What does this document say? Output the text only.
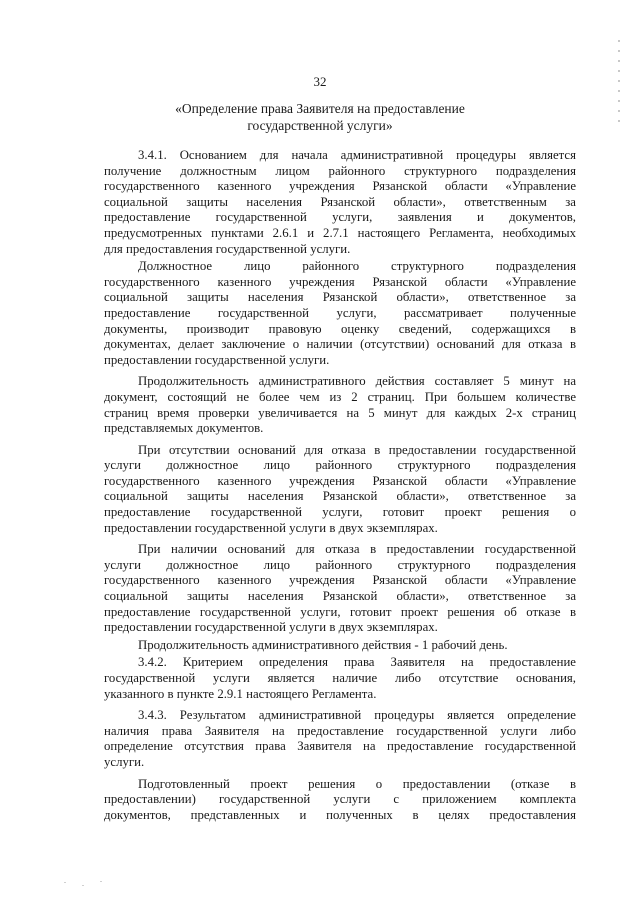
32
«Определение права Заявителя на предоставление
государственной услуги»
3.4.1. Основанием для начала административной процедуры является
получение должностным лицом районного структурного подразделения
государственного казенного учреждения Рязанской области «Управление
социальной защиты населения Рязанской области», ответственным за
предоставление государственной услуги, заявления и документов,
предусмотренных пунктами 2.6.1 и 2.7.1 настоящего Регламента, необходимых
для предоставления государственной услуги.
Должностное лицо районного структурного подразделения
государственного казенного учреждения Рязанской области «Управление
социальной защиты населения Рязанской области», ответственное за
предоставление государственной услуги, рассматривает полученные
документы, производит правовую оценку сведений, содержащихся в
документах, делает заключение о наличии (отсутствии) оснований для отказа в
предоставлении государственной услуги.
Продолжительность административного действия составляет 5 минут на
документ, состоящий не более чем из 2 страниц. При большем количестве
страниц время проверки увеличивается на 5 минут для каждых 2-х страниц
представляемых документов.
При отсутствии оснований для отказа в предоставлении государственной
услуги должностное лицо районного структурного подразделения
государственного казенного учреждения Рязанской области «Управление
социальной защиты населения Рязанской области», ответственное за
предоставление государственной услуги, готовит проект решения о
предоставлении государственной услуги в двух экземплярах.
При наличии оснований для отказа в предоставлении государственной
услуги должностное лицо районного структурного подразделения
государственного казенного учреждения Рязанской области «Управление
социальной защиты населения Рязанской области», ответственное за
предоставление государственной услуги, готовит проект решения об отказе в
предоставлении государственной услуги в двух экземплярах.
Продолжительность административного действия - 1 рабочий день.
3.4.2. Критерием определения права Заявителя на предоставление
государственной услуги является наличие либо отсутствие основания,
указанного в пункте 2.9.1 настоящего Регламента.
3.4.3. Результатом административной процедуры является определение
наличия права Заявителя на предоставление государственной услуги либо
определение отсутствия права Заявителя на предоставление государственной
услуги.
Подготовленный проект решения о предоставлении (отказе в
предоставлении) государственной услуги с приложением комплекта
документов, представленных и полученных в целях предоставления
